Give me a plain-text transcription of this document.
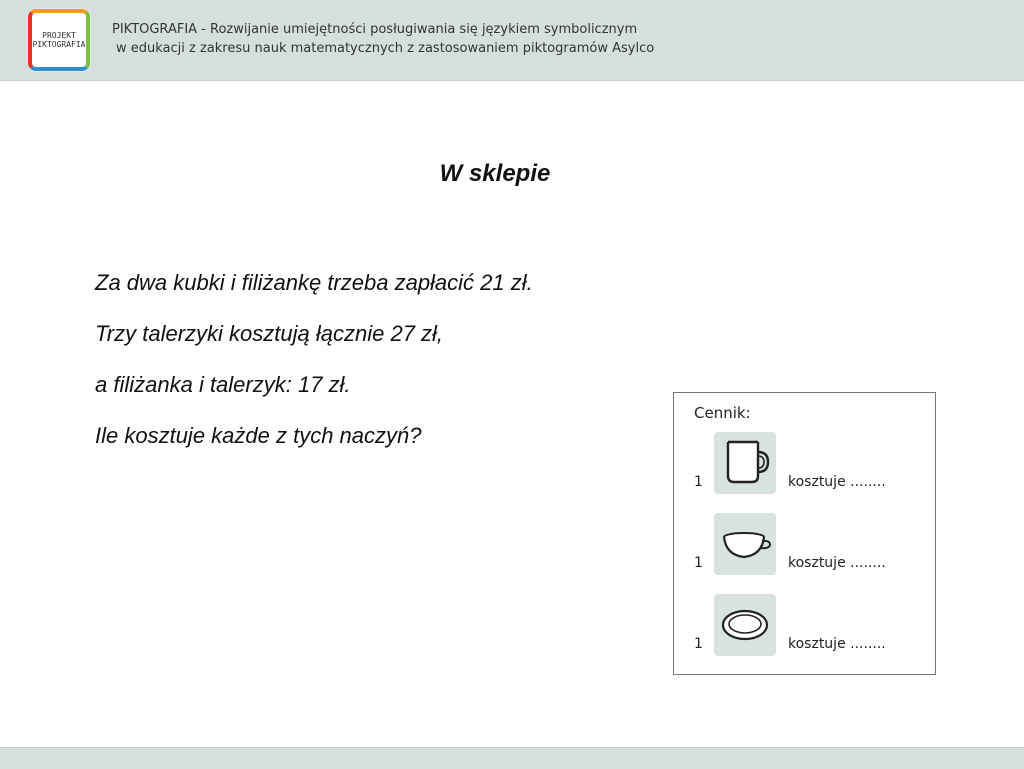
PROJEKT
PIKTOGRAFIA
PIKTOGRAFIA - Rozwijanie umiejętności posługiwania się językiem symbolicznym
w edukacji z zakresu nauk matematycznych z zastosowaniem piktogramów Asylco
W sklepie
Za dwa kubki i filiżankę trzeba zapłacić 21 zł.
Trzy talerzyki kosztują łącznie 27 zł,
a filiżanka i talerzyk: 17 zł.
Ile kosztuje każde z tych naczyń?
Cennik:
1	kosztuje ........
1	kosztuje ........
1	kosztuje ........
